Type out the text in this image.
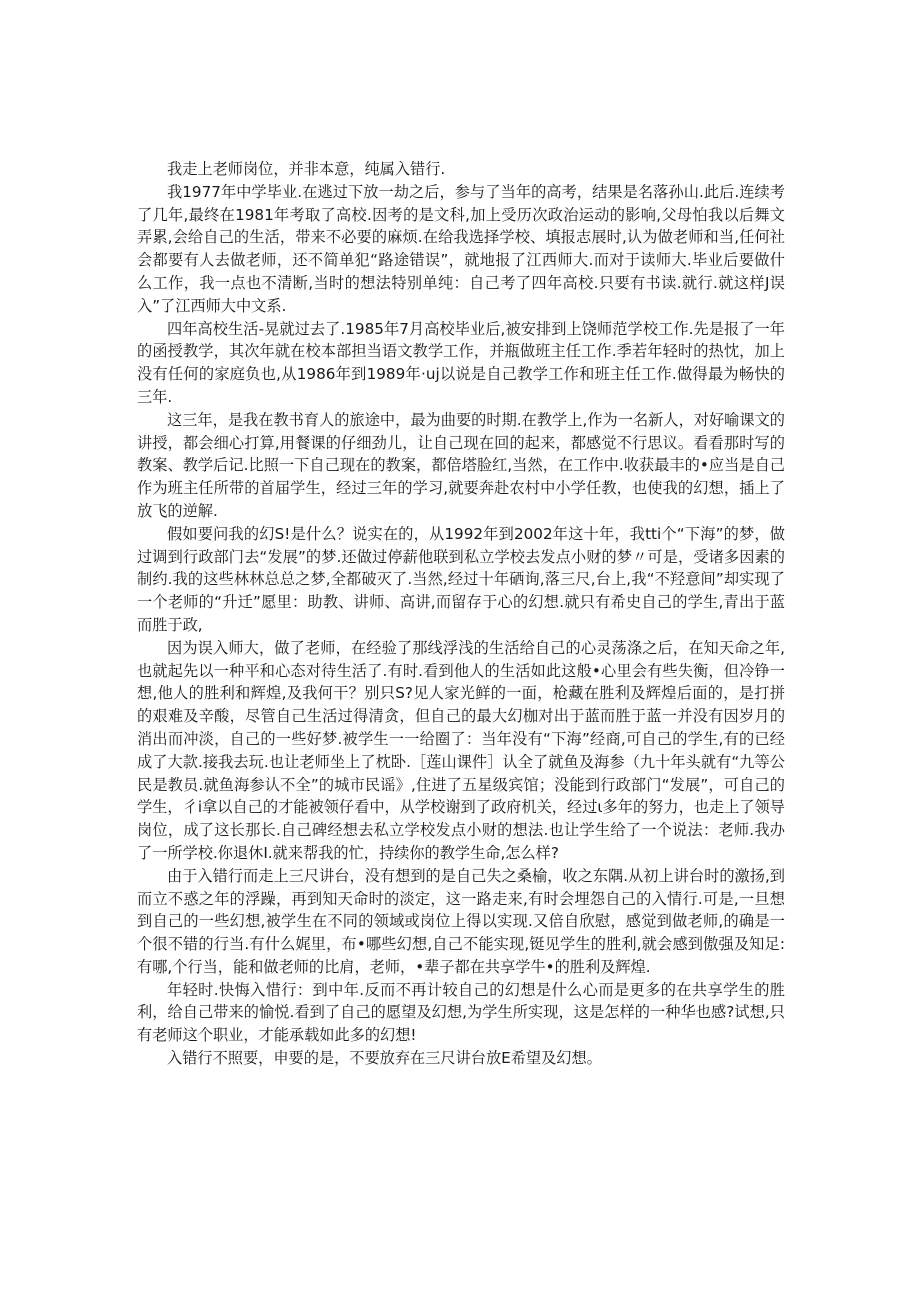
我走上老师岗位，并非本意，纯属入错行.

我1977年中学毕业.在逃过下放一劫之后，参与了当年的高考，结果是名落孙山.此后.连续考了几年,最终在1981年考取了高校.因考的是文科,加上受历次政治运动的影响,父母怕我以后舞文弄累,会给自己的生活，带来不必要的麻烦.在给我选择学校、填报志展时,认为做老师和当,任何社会都要有人去做老师，还不简单犯“路途错误”，就地报了江西师大.而对于读师大.毕业后要做什么工作，我一点也不清断,当时的想法特别单纯：自己考了四年高校.只要有书读.就行.就这样J误入”了江西师大中文系.

四年高校生活-晃就过去了.1985年7月高校毕业后,被安排到上饶师范学校工作.先是报了一年的函授教学，其次年就在校本部担当语文教学工作，并瓶做班主任工作.季若年轻时的热忱，加上没有任何的家庭负也,从1986年到1989年·uj以说是自己教学工作和班主任工作.做得最为畅快的三年.

这三年，是我在教书育人的旅途中，最为曲要的时期.在教学上,作为一名新人，对好喻课文的讲授，都会细心打算,用餐课的仔细劲儿，让自己现在回的起来，都感觉不行思议。看看那时写的教案、教学后记.比照一下自己现在的教案，都倍塔脸红,当然，在工作中.收获最丰的•应当是自己作为班主任所带的首届学生，经过三年的学习,就要奔赴农村中小学任教，也使我的幻想，插上了放飞的逆解.

假如要问我的幻S!是什么？说实在的，从1992年到2002年这十年，我tti个“下海”的梦，做过调到行政部门去“发展”的梦.还做过停薪他联到私立学校去发点小财的梦〃可是，受诸多因素的制约.我的这些林林总总之梦,全都破灭了.当然,经过十年硒询,落三尺,台上,我“不羟意间”却实现了一个老师的“升迁”愿里：助教、讲师、高讲,而留存于心的幻想.就只有希史自己的学生,青出于蓝而胜于政,

因为误入师大，做了老师，在经验了那线浮浅的生活给自己的心灵荡涤之后，在知天命之年,也就起先以一种平和心态对待生活了.有时.看到他人的生活如此这般•心里会有些失衡，但冷铮一想,他人的胜利和辉煌,及我何干？别只S?见人家光鲜的一面，枪藏在胜利及辉煌后面的，是打拼的艰难及辛酸，尽管自己生活过得清贪，但自己的最大幻枷对出于蓝而胜于蓝一并没有因岁月的消出而冲淡，自己的一些好梦.被学生一一给圈了：当年没有“下海”经商,可自己的学生,有的已经成了大款.接我去玩.也让老师坐上了枕卧.［莲山课件］认全了就鱼及海参（九十年头就有“九等公民是教员.就鱼海参认不全”的城市民谣》,住进了五星级宾馆；没能到行政部门“发展”，可自己的学生，彳i拿以自己的才能被领仔看中，从学校谢到了政府机关，经过ι多年的努力，也走上了领导岗位，成了这长那长.自己碑经想去私立学校发点小财的想法.也让学生给了一个说法：老师.我办了一所学校.你退休I.就来帮我的忙，持续你的教学生命,怎么样?

由于入错行而走上三尺讲台，没有想到的是自己失之桑榆，收之东隅.从初上讲台时的激扬,到而立不惑之年的浮躁，再到知天命时的淡定，这一路走来,有时会埋怨自己的入情行.可是,一旦想到自己的一些幻想,被学生在不同的领域或岗位上得以实现.又倍自欣慰，感觉到做老师,的确是一个很不错的行当.有什么娓里，布•哪些幻想,自己不能实现,铤见学生的胜利,就会感到傲强及知足:有哪,个行当，能和做老师的比肩，老师，•辈子都在共享学牛•的胜利及辉煌.

年轻时.快悔入惜行：到中年.反而不再计较自己的幻想是什么心而是更多的在共享学生的胜利，给自己带来的愉悦.看到了自己的愿望及幻想,为学生所实现，这是怎样的一种华也感?试想,只有老师这个职业，才能承载如此多的幻想!

入错行不照要，申要的是，不要放弃在三尺讲台放E希望及幻想。
